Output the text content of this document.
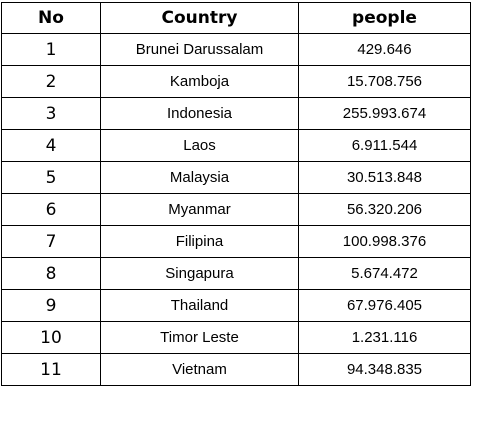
No	Country	people
1	Brunei Darussalam	429.646
2	Kamboja	15.708.756
3	Indonesia	255.993.674
4	Laos	6.911.544
5	Malaysia	30.513.848
6	Myanmar	56.320.206
7	Filipina	100.998.376
8	Singapura	5.674.472
9	Thailand	67.976.405
10	Timor Leste	1.231.116
11	Vietnam	94.348.835
